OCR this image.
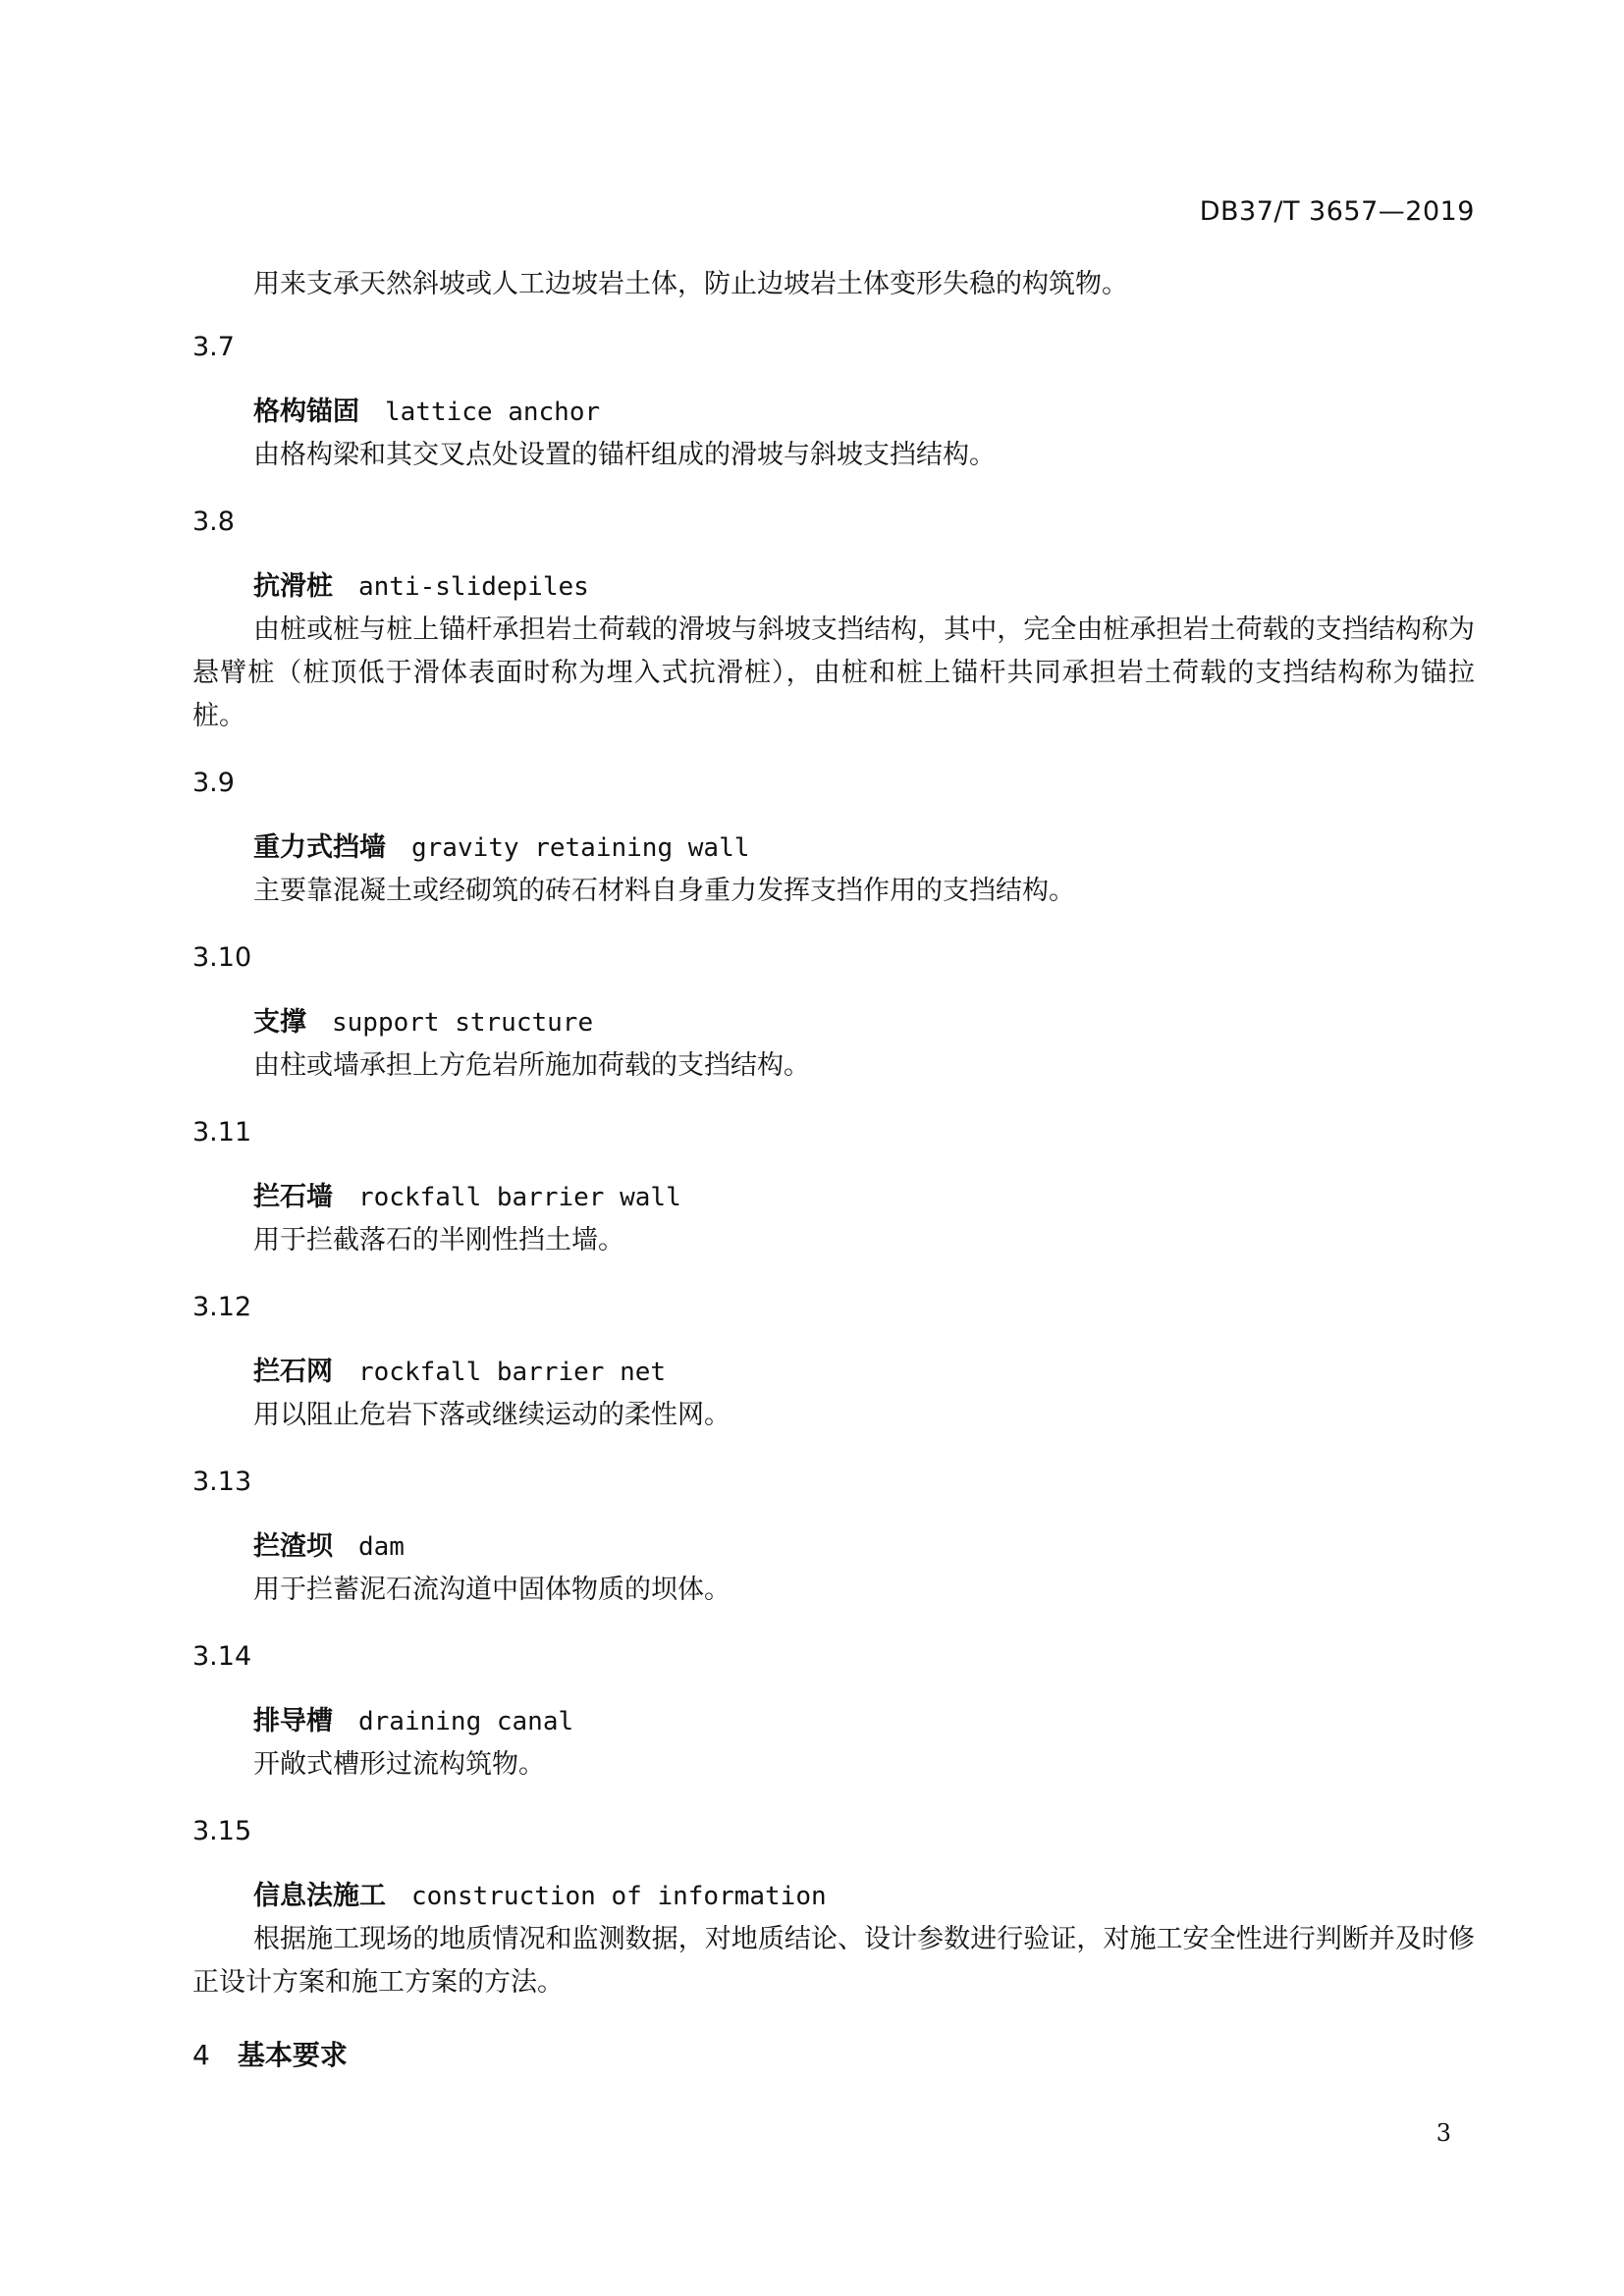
DB37/T 3657—2019

用来支承天然斜坡或人工边坡岩土体，防止边坡岩土体变形失稳的构筑物。

3.7
格构锚固 lattice anchor
由格构梁和其交叉点处设置的锚杆组成的滑坡与斜坡支挡结构。
3.8
抗滑桩 anti-slidepiles
由桩或桩与桩上锚杆承担岩土荷载的滑坡与斜坡支挡结构，其中，完全由桩承担岩土荷载的支挡结构称为悬臂桩（桩顶低于滑体表面时称为埋入式抗滑桩），由桩和桩上锚杆共同承担岩土荷载的支挡结构称为锚拉桩。
3.9
重力式挡墙 gravity retaining wall
主要靠混凝土或经砌筑的砖石材料自身重力发挥支挡作用的支挡结构。
3.10
支撑 support structure
由柱或墙承担上方危岩所施加荷载的支挡结构。
3.11
拦石墙 rockfall barrier wall
用于拦截落石的半刚性挡土墙。
3.12
拦石网 rockfall barrier net
用以阻止危岩下落或继续运动的柔性网。
3.13
拦渣坝 dam
用于拦蓄泥石流沟道中固体物质的坝体。
3.14
排导槽 draining canal
开敞式槽形过流构筑物。
3.15
信息法施工 construction of information
根据施工现场的地质情况和监测数据，对地质结论、设计参数进行验证，对施工安全性进行判断并及时修正设计方案和施工方案的方法。
4 基本要求
3
